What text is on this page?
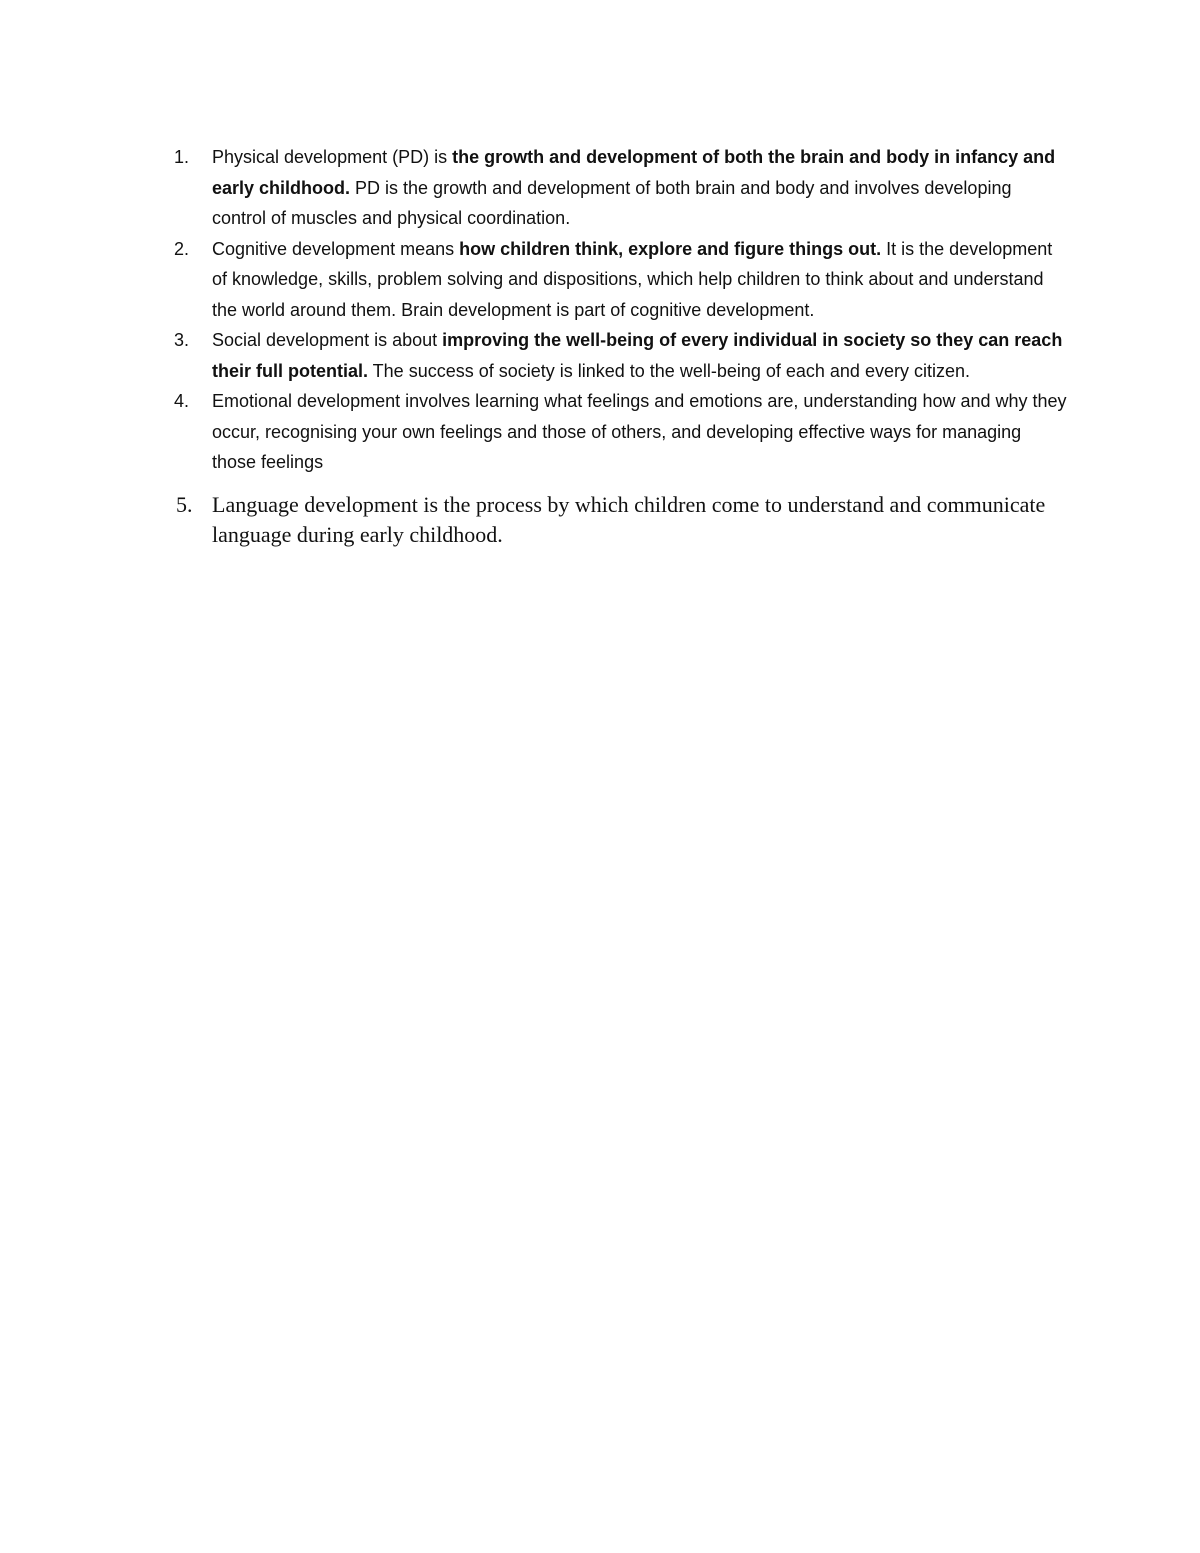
1. Physical development (PD) is the growth and development of both the brain and body in infancy and early childhood. PD is the growth and development of both brain and body and involves developing control of muscles and physical coordination.
2. Cognitive development means how children think, explore and figure things out. It is the development of knowledge, skills, problem solving and dispositions, which help children to think about and understand the world around them. Brain development is part of cognitive development.
3. Social development is about improving the well-being of every individual in society so they can reach their full potential. The success of society is linked to the well-being of each and every citizen.
4. Emotional development involves learning what feelings and emotions are, understanding how and why they occur, recognising your own feelings and those of others, and developing effective ways for managing those feelings
5. Language development is the process by which children come to understand and communicate language during early childhood.
